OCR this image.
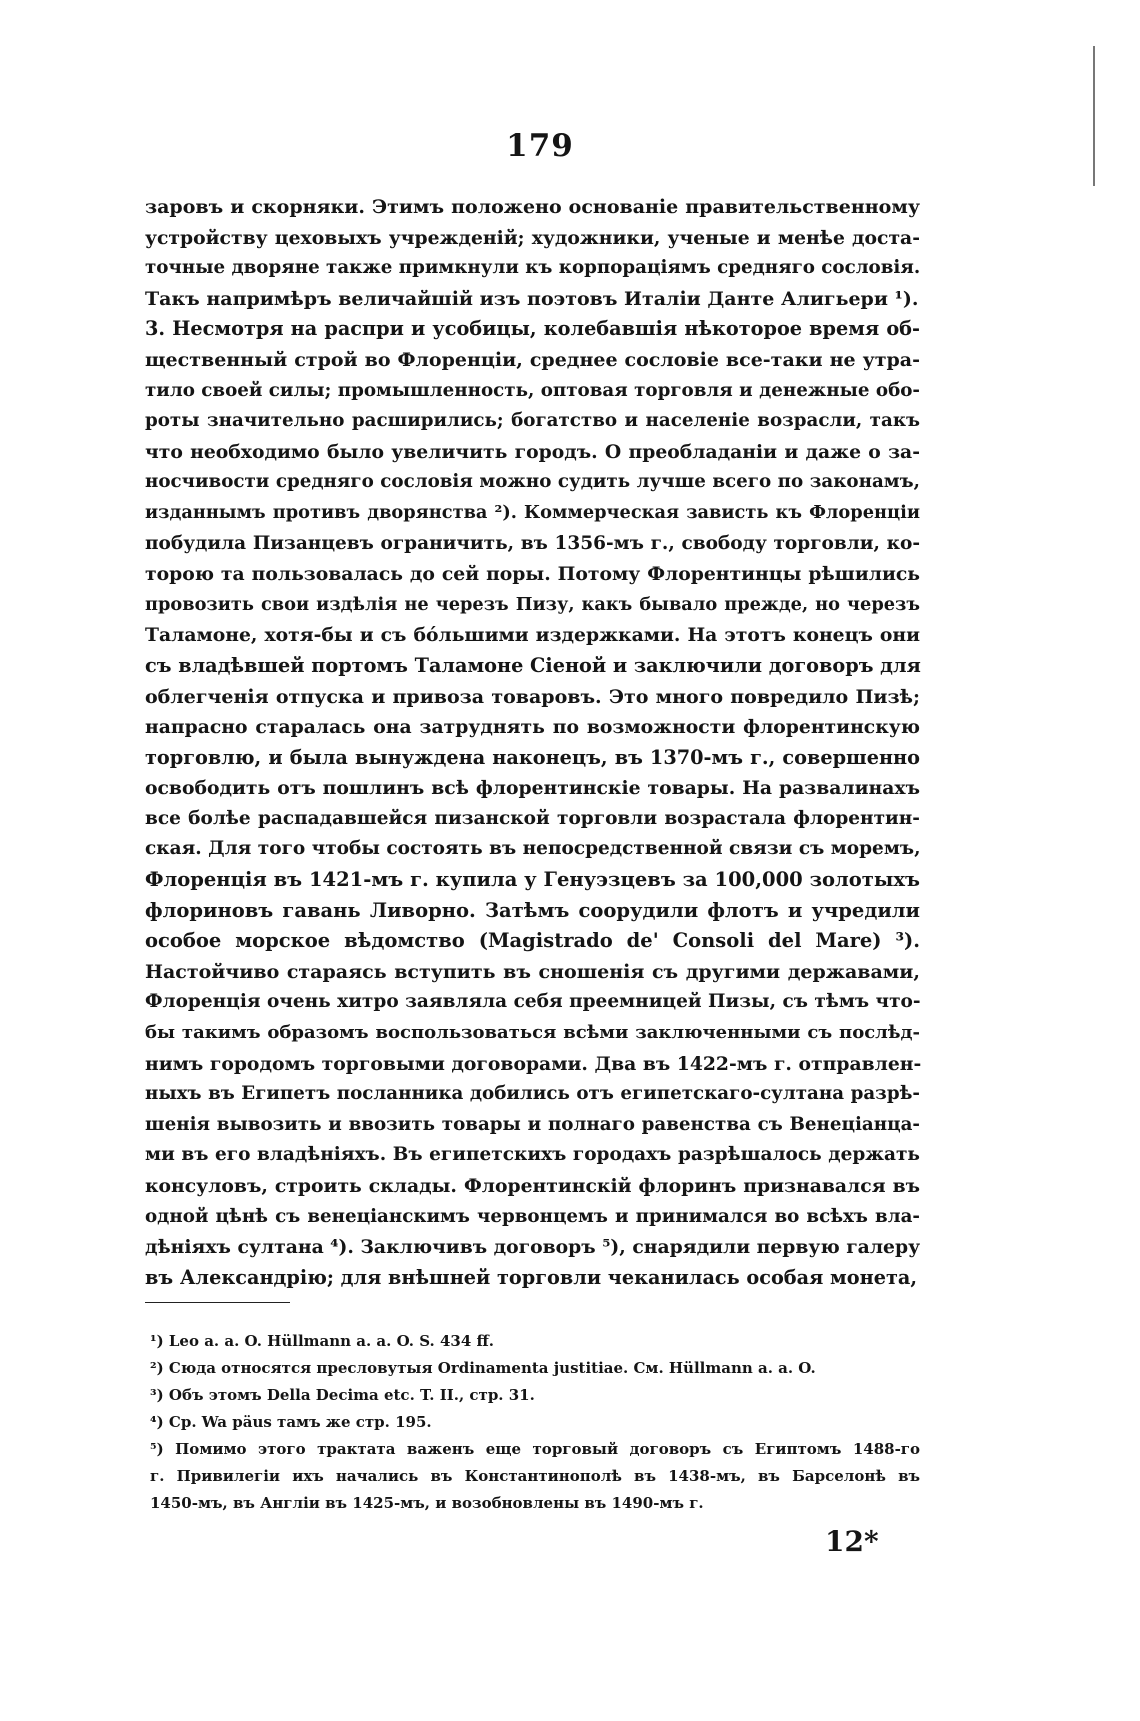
179
заровъ и скорняки. Этимъ положено основаніе правительственному
устройству цеховыхъ учрежденій; художники, ученые и менѣе доста-
точные дворяне также примкнули къ корпораціямъ средняго сословія.
Такъ напримѣръ величайшій изъ поэтовъ Италіи Данте Алигьери ¹).
3. Несмотря на распри и усобицы, колебавшія нѣкоторое время об-
щественный строй во Флоренціи, среднее сословіе все-таки не утра-
тило своей силы; промышленность, оптовая торговля и денежные обо-
роты значительно расширились; богатство и населеніе возрасли, такъ
что необходимо было увеличить городъ. О преобладаніи и даже о за-
носчивости средняго сословія можно судить лучше всего по законамъ,
изданнымъ противъ дворянства ²). Коммерческая зависть къ Флоренціи
побудила Пизанцевъ ограничить, въ 1356-мъ г., свободу торговли, ко-
торою та пользовалась до сей поры. Потому Флорентинцы рѣшились
провозить свои издѣлія не черезъ Пизу, какъ бывало прежде, но черезъ
Таламоне, хотя-бы и съ бóльшими издержками. На этотъ конецъ они
съ владѣвшей портомъ Таламоне Сіеной и заключили договоръ для
облегченія отпуска и привоза товаровъ. Это много повредило Пизѣ;
напрасно старалась она затруднять по возможности флорентинскую
торговлю, и была вынуждена наконецъ, въ 1370-мъ г., совершенно
освободить отъ пошлинъ всѣ флорентинскіе товары. На развалинахъ
все болѣе распадавшейся пизанской торговли возрастала флорентин-
ская. Для того чтобы состоять въ непосредственной связи съ моремъ,
Флоренція въ 1421-мъ г. купила у Генуэзцевъ за 100,000 золотыхъ
флориновъ гавань Ливорно. Затѣмъ соорудили флотъ и учредили
особое морское вѣдомство (Magistrado de' Consoli del Mare) ³).
Настойчиво стараясь вступить въ сношенія съ другими державами,
Флоренція очень хитро заявляла себя преемницей Пизы, съ тѣмъ что-
бы такимъ образомъ воспользоваться всѣми заключенными съ послѣд-
нимъ городомъ торговыми договорами. Два въ 1422-мъ г. отправлен-
ныхъ въ Египетъ посланника добились отъ египетскаго-султана разрѣ-
шенія вывозить и ввозить товары и полнаго равенства съ Венеціанца-
ми въ его владѣніяхъ. Въ египетскихъ городахъ разрѣшалось держать
консуловъ, строить склады. Флорентинскій флоринъ признавался въ
одной цѣнѣ съ венеціанскимъ червонцемъ и принимался во всѣхъ вла-
дѣніяхъ султана ⁴). Заключивъ договоръ ⁵), снарядили первую галеру
въ Александрію; для внѣшней торговли чеканилась особая монета,
¹) Leo a. a. O. Hüllmann a. a. O. S. 434 ff.
²) Сюда относятся пресловутыя Ordinamenta justitiae. См. Hüllmann a. a. O.
³) Объ этомъ Della Decima etc. T. II., стр. 31.
⁴) Ср. Wa päus тамъ же стр. 195.
⁵) Помимо этого трактата важенъ еще торговый договоръ съ Египтомъ 1488-го
г. Привилегіи ихъ начались въ Константинополѣ въ 1438-мъ, въ Барселонѣ въ
1450-мъ, въ Англіи въ 1425-мъ, и возобновлены въ 1490-мъ г.
12*
